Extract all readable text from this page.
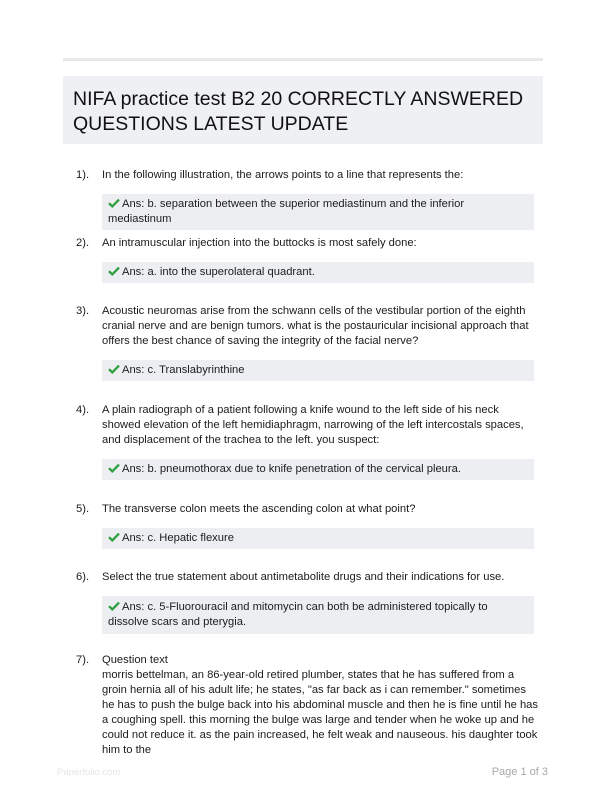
NIFA practice test B2 20 CORRECTLY ANSWERED QUESTIONS LATEST UPDATE
1). In the following illustration, the arrows points to a line that represents the:
Ans: b. separation between the superior mediastinum and the inferior mediastinum
2). An intramuscular injection into the buttocks is most safely done:
Ans: a. into the superolateral quadrant.
3). Acoustic neuromas arise from the schwann cells of the vestibular portion of the eighth cranial nerve and are benign tumors. what is the postauricular incisional approach that offers the best chance of saving the integrity of the facial nerve?
Ans: c. Translabyrinthine
4). A plain radiograph of a patient following a knife wound to the left side of his neck showed elevation of the left hemidiaphragm, narrowing of the left intercostals spaces, and displacement of the trachea to the left. you suspect:
Ans: b. pneumothorax due to knife penetration of the cervical pleura.
5). The transverse colon meets the ascending colon at what point?
Ans: c. Hepatic flexure
6). Select the true statement about antimetabolite drugs and their indications for use.
Ans: c. 5-Fluorouracil and mitomycin can both be administered topically to dissolve scars and pterygia.
7). Question text
morris bettelman, an 86-year-old retired plumber, states that he has suffered from a groin hernia all of his adult life; he states, "as far back as i can remember." sometimes he has to push the bulge back into his abdominal muscle and then he is fine until he has a coughing spell. this morning the bulge was large and tender when he woke up and he could not reduce it. as the pain increased, he felt weak and nauseous. his daughter took him to the
Paperfolio.com	Page 1 of 3
